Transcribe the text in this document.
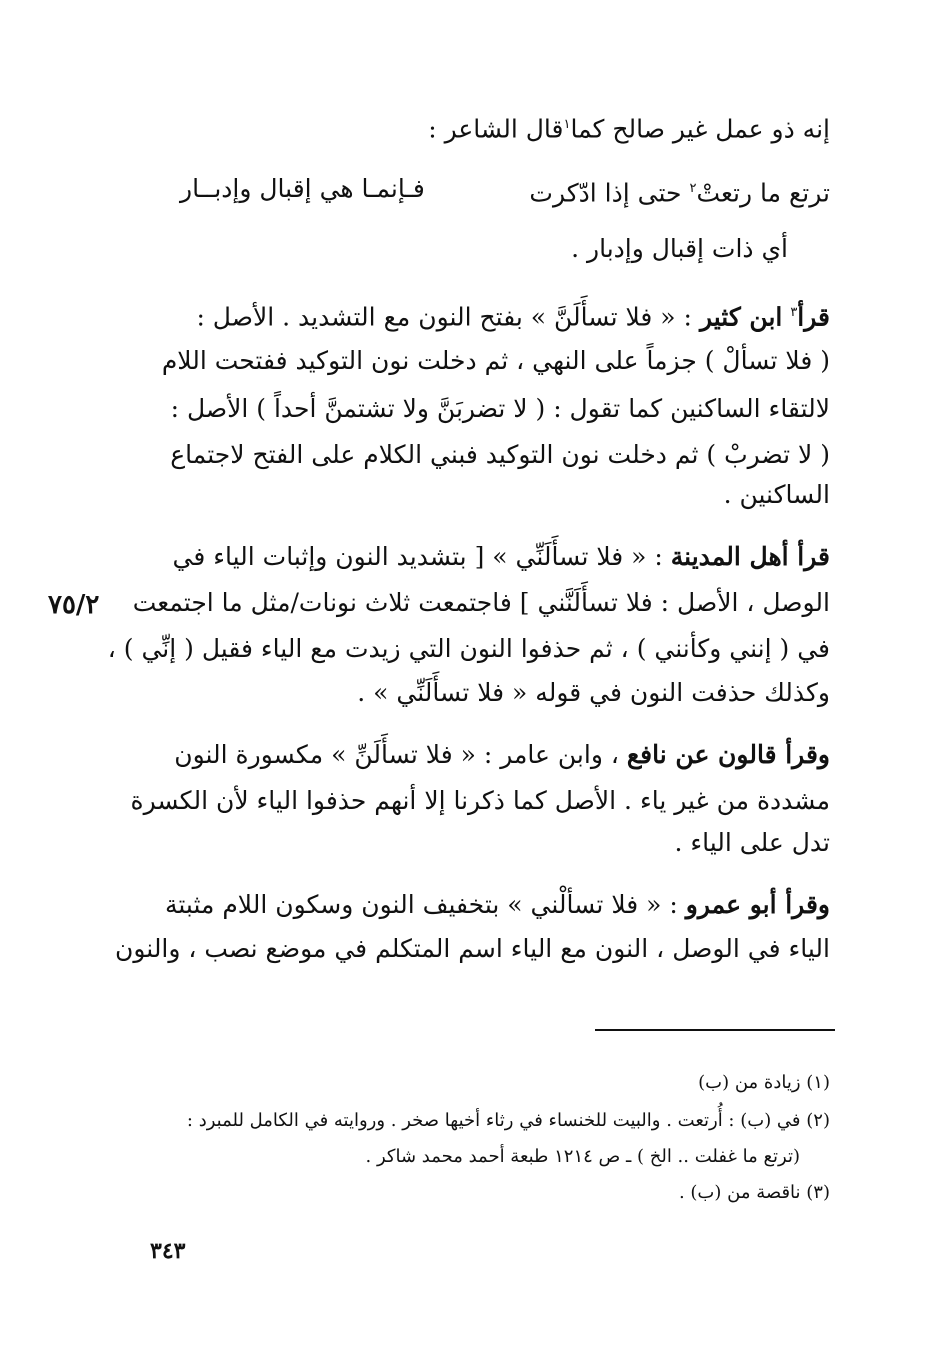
إنه ذو عمل غير صالح كما$^١$قال الشاعر :
ترتع ما رتعتْ$^٢$ حتى إذا ادّكرت
فـإنمـا هي إقبال وإدبــار
أي ذات إقبال وإدبار .
قرأ$^٣$ ابن كثير : « فلا تسأَلَنَّ » بفتح النون مع التشديد . الأصل :
( فلا تسألْ ) جزماً على النهي ، ثم دخلت نون التوكيد ففتحت اللام
لالتقاء الساكنين كما تقول : ( لا تضربَنَّ ولا تشتمنَّ أحداً ) الأصل :
( لا تضربْ ) ثم دخلت نون التوكيد فبني الكلام على الفتح لاجتماع
الساكنين .
٧٥/٢
قرأ أهل المدينة : « فلا تسأَلَنِّي » [ بتشديد النون وإثبات الياء في
الوصل ، الأصل : فلا تسأَلَنَّني ] فاجتمعت ثلاث نونات/مثل ما اجتمعت
في ( إنني وكأنني ) ، ثم حذفوا النون التي زيدت مع الياء فقيل ( إنِّي ) ،
وكذلك حذفت النون في قوله « فلا تسأَلَنِّي » .
وقرأ قالون عن نافع ، وابن عامر : « فلا تسأَلَنِّ » مكسورة النون
مشددة من غير ياء . الأصل كما ذكرنا إلا أنهم حذفوا الياء لأن الكسرة
تدل على الياء .
وقرأ أبو عمرو : « فلا تسألْني » بتخفيف النون وسكون اللام مثبتة
الياء في الوصل ، النون مع الياء اسم المتكلم في موضع نصب ، والنون
(١) زيادة من (ب)
(٢) في (ب) : أُرتعت . والبيت للخنساء في رثاء أخيها صخر . وروايته في الكامل للمبرد :
(ترتع ما غفلت .. الخ ) ـ ص ١٢١٤ طبعة أحمد محمد شاكر .
(٣) ناقصة من (ب) .
٣٤٣
